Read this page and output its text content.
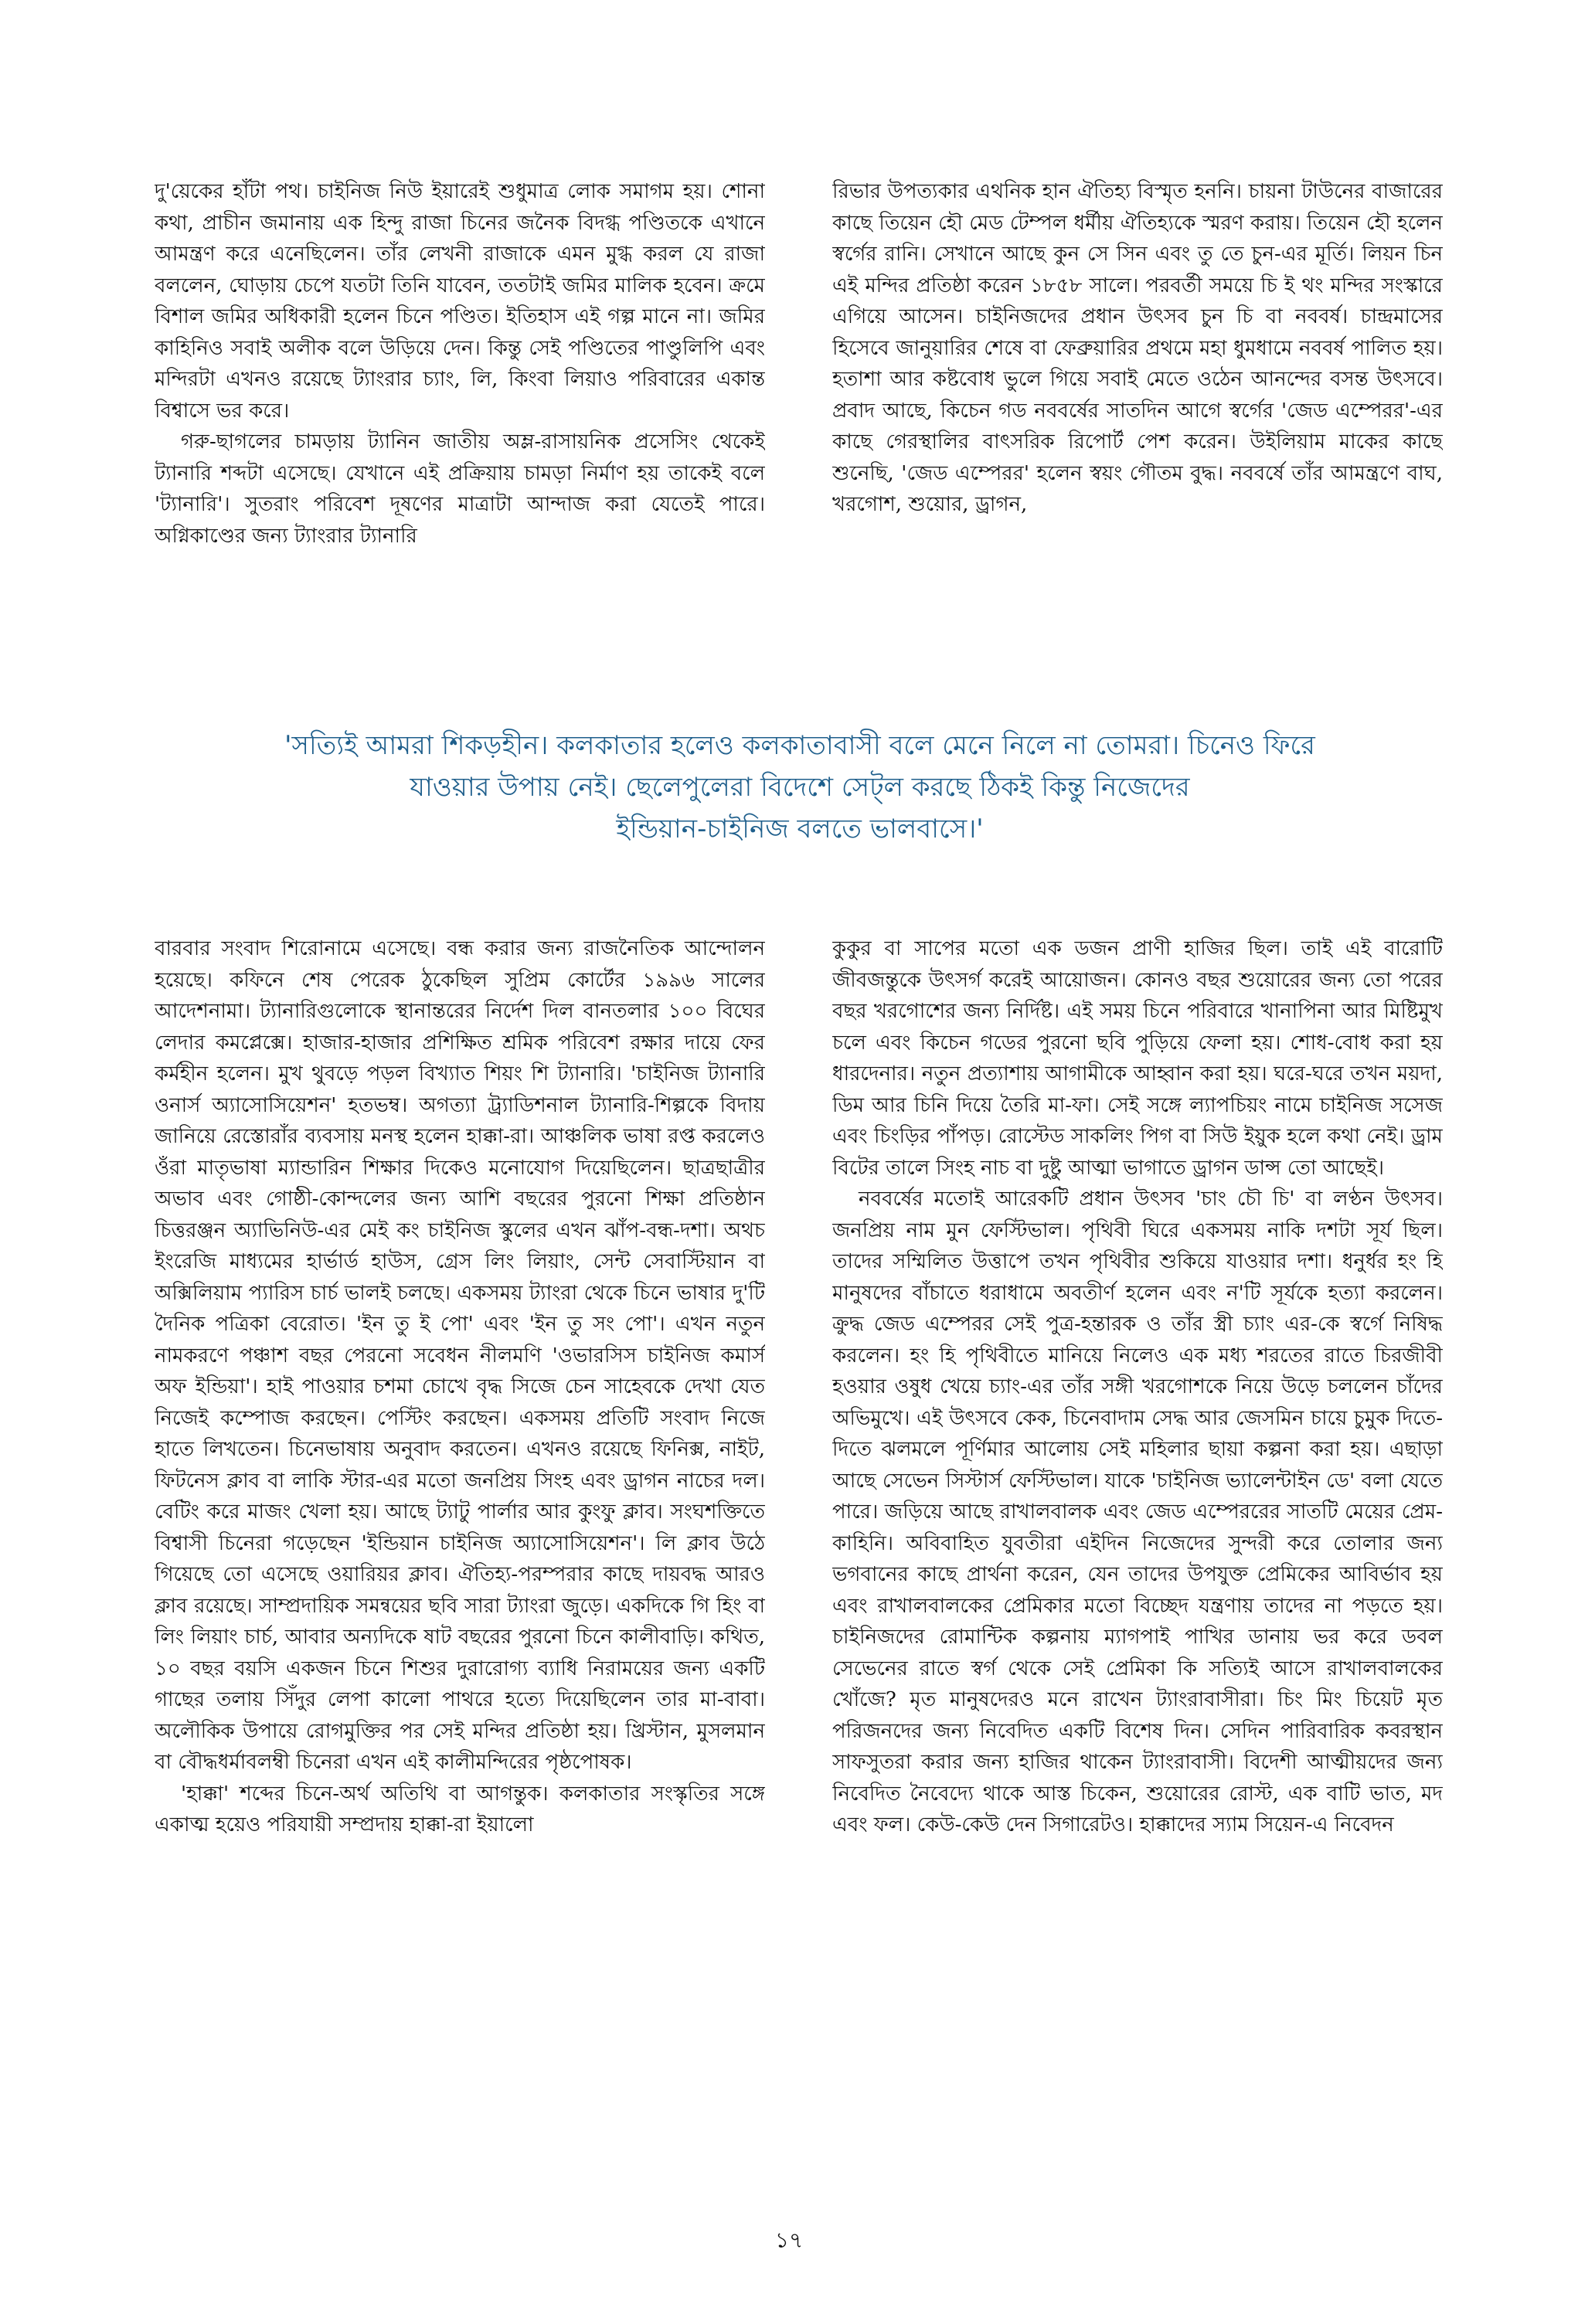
দু'য়েকের হাঁটা পথ। চাইনিজ নিউ ইয়ারেই শুধুমাত্র লোক সমাগম হয়। শোনা কথা, প্রাচীন জমানায় এক হিন্দু রাজা চিনের জনৈক বিদগ্ধ পণ্ডিতকে এখানে আমন্ত্রণ করে এনেছিলেন। তাঁর লেখনী রাজাকে এমন মুগ্ধ করল যে রাজা বললেন, ঘোড়ায় চেপে যতটা তিনি যাবেন, ততটাই জমির মালিক হবেন। ক্রমে বিশাল জমির অধিকারী হলেন চিনে পণ্ডিত। ইতিহাস এই গল্প মানে না। জমির কাহিনিও সবাই অলীক বলে উড়িয়ে দেন। কিন্তু সেই পণ্ডিতের পাণ্ডুলিপি এবং মন্দিরটা এখনও রয়েছে ট্যাংরার চ্যাং, লি, কিংবা লিয়াও পরিবারের একান্ত বিশ্বাসে ভর করে।

গরু-ছাগলের চামড়ায় ট্যানিন জাতীয় অম্ল-রাসায়নিক প্রসেসিং থেকেই ট্যানারি শব্দটা এসেছে। যেখানে এই প্রক্রিয়ায় চামড়া নির্মাণ হয় তাকেই বলে 'ট্যানারি'। সুতরাং পরিবেশ দূষণের মাত্রাটা আন্দাজ করা যেতেই পারে। অগ্নিকাণ্ডের জন্য ট্যাংরার ট্যানারি

রিভার উপত্যকার এথনিক হান ঐতিহ্য বিস্মৃত হননি। চায়না টাউনের বাজারের কাছে তিয়েন হৌ মেড টেম্পল ধর্মীয় ঐতিহ্যকে স্মরণ করায়। তিয়েন হৌ হলেন স্বর্গের রানি। সেখানে আছে কুন সে সিন এবং তু তে চুন-এর মূর্তি। লিয়ন চিন এই মন্দির প্রতিষ্ঠা করেন ১৮৫৮ সালে। পরবর্তী সময়ে চি ই থং মন্দির সংস্কারে এগিয়ে আসেন। চাইনিজদের প্রধান উৎসব চুন চি বা নববর্ষ। চান্দ্রমাসের হিসেবে জানুয়ারির শেষে বা ফেব্রুয়ারির প্রথমে মহা ধুমধামে নববর্ষ পালিত হয়। হতাশা আর কষ্টবোধ ভুলে গিয়ে সবাই মেতে ওঠেন আনন্দের বসন্ত উৎসবে। প্রবাদ আছে, কিচেন গড নববর্ষের সাতদিন আগে স্বর্গের 'জেড এম্পেরর'-এর কাছে গেরস্থালির বাৎসরিক রিপোর্ট পেশ করেন। উইলিয়াম মাকের কাছে শুনেছি, 'জেড এম্পেরর' হলেন স্বয়ং গৌতম বুদ্ধ। নববর্ষে তাঁর আমন্ত্রণে বাঘ, খরগোশ, শুয়োর, ড্রাগন,

'সত্যিই আমরা শিকড়হীন। কলকাতার হলেও কলকাতাবাসী বলে মেনে নিলে না তোমরা। চিনেও ফিরে
যাওয়ার উপায় নেই। ছেলেপুলেরা বিদেশে সেট্‌ল করছে ঠিকই কিন্তু নিজেদের
ইন্ডিয়ান-চাইনিজ বলতে ভালবাসে।'

বারবার সংবাদ শিরোনামে এসেছে। বন্ধ করার জন্য রাজনৈতিক আন্দোলন হয়েছে। কফিনে শেষ পেরেক ঠুকেছিল সুপ্রিম কোর্টের ১৯৯৬ সালের আদেশনামা। ট্যানারিগুলোকে স্থানান্তরের নির্দেশ দিল বানতলার ১০০ বিঘের লেদার কমপ্লেক্সে। হাজার-হাজার প্রশিক্ষিত শ্রমিক পরিবেশ রক্ষার দায়ে ফের কর্মহীন হলেন। মুখ থুবড়ে পড়ল বিখ্যাত শিয়ং শি ট্যানারি। 'চাইনিজ ট্যানারি ওনার্স অ্যাসোসিয়েশন' হতভম্ব। অগত্যা ট্র্যাডিশনাল ট্যানারি-শিল্পকে বিদায় জানিয়ে রেস্তোরাঁর ব্যবসায় মনস্থ হলেন হাক্কা-রা। আঞ্চলিক ভাষা রপ্ত করলেও ওঁরা মাতৃভাষা ম্যান্ডারিন শিক্ষার দিকেও মনোযোগ দিয়েছিলেন। ছাত্রছাত্রীর অভাব এবং গোষ্ঠী-কোন্দলের জন্য আশি বছরের পুরনো শিক্ষা প্রতিষ্ঠান চিত্তরঞ্জন অ্যাভিনিউ-এর মেই কং চাইনিজ স্কুলের এখন ঝাঁপ-বন্ধ-দশা। অথচ ইংরেজি মাধ্যমের হার্ভার্ড হাউস, গ্রেস লিং লিয়াং, সেন্ট সেবাস্টিয়ান বা অক্সিলিয়াম প্যারিস চার্চ ভালই চলছে। একসময় ট্যাংরা থেকে চিনে ভাষার দু'টি দৈনিক পত্রিকা বেরোত। 'ইন তু ই পো' এবং 'ইন তু সং পো'। এখন নতুন নামকরণে পঞ্চাশ বছর পেরনো সবেধন নীলমণি 'ওভারসিস চাইনিজ কমার্স অফ ইন্ডিয়া'। হাই পাওয়ার চশমা চোখে বৃদ্ধ সিজে চেন সাহেবকে দেখা যেত নিজেই কম্পোজ করছেন। পেস্টিং করছেন। একসময় প্রতিটি সংবাদ নিজে হাতে লিখতেন। চিনেভাষায় অনুবাদ করতেন। এখনও রয়েছে ফিনিক্স, নাইট, ফিটনেস ক্লাব বা লাকি স্টার-এর মতো জনপ্রিয় সিংহ এবং ড্রাগন নাচের দল। বেটিং করে মাজং খেলা হয়। আছে ট্যাটু পার্লার আর কুংফু ক্লাব। সংঘশক্তিতে বিশ্বাসী চিনেরা গড়েছেন 'ইন্ডিয়ান চাইনিজ অ্যাসোসিয়েশন'। লি ক্লাব উঠে গিয়েছে তো এসেছে ওয়ারিয়র ক্লাব। ঐতিহ্য-পরম্পরার কাছে দায়বদ্ধ আরও ক্লাব রয়েছে। সাম্প্রদায়িক সমন্বয়ের ছবি সারা ট্যাংরা জুড়ে। একদিকে গি হিং বা লিং লিয়াং চার্চ, আবার অন্যদিকে ষাট বছরের পুরনো চিনে কালীবাড়ি। কথিত, ১০ বছর বয়সি একজন চিনে শিশুর দুরারোগ্য ব্যাধি নিরাময়ের জন্য একটি গাছের তলায় সিঁদুর লেপা কালো পাথরে হত্যে দিয়েছিলেন তার মা-বাবা। অলৌকিক উপায়ে রোগমুক্তির পর সেই মন্দির প্রতিষ্ঠা হয়। খ্রিস্টান, মুসলমান বা বৌদ্ধধর্মাবলম্বী চিনেরা এখন এই কালীমন্দিরের পৃষ্ঠপোষক।

'হাক্কা' শব্দের চিনে-অর্থ অতিথি বা আগন্তুক। কলকাতার সংস্কৃতির সঙ্গে একাত্ম হয়েও পরিযায়ী সম্প্রদায় হাক্কা-রা ইয়ালো

কুকুর বা সাপের মতো এক ডজন প্রাণী হাজির ছিল। তাই এই বারোটি জীবজন্তুকে উৎসর্গ করেই আয়োজন। কোনও বছর শুয়োরের জন্য তো পরের বছর খরগোশের জন্য নির্দিষ্ট। এই সময় চিনে পরিবারে খানাপিনা আর মিষ্টিমুখ চলে এবং কিচেন গডের পুরনো ছবি পুড়িয়ে ফেলা হয়। শোধ-বোধ করা হয় ধারদেনার। নতুন প্রত্যাশায় আগামীকে আহ্বান করা হয়। ঘরে-ঘরে তখন ময়দা, ডিম আর চিনি দিয়ে তৈরি মা-ফা। সেই সঙ্গে ল্যাপচিয়ং নামে চাইনিজ সসেজ এবং চিংড়ির পাঁপড়। রোস্টেড সাকলিং পিগ বা সিউ ইয়ুক হলে কথা নেই। ড্রাম বিটের তালে সিংহ নাচ বা দুষ্টু আত্মা ভাগাতে ড্রাগন ডান্স তো আছেই।

নববর্ষের মতোই আরেকটি প্রধান উৎসব 'চাং চৌ চি' বা লণ্ঠন উৎসব। জনপ্রিয় নাম মুন ফেস্টিভাল। পৃথিবী ঘিরে একসময় নাকি দশটা সূর্য ছিল। তাদের সম্মিলিত উত্তাপে তখন পৃথিবীর শুকিয়ে যাওয়ার দশা। ধনুর্ধর হং হি মানুষদের বাঁচাতে ধরাধামে অবতীর্ণ হলেন এবং ন'টি সূর্যকে হত্যা করলেন। ক্রুদ্ধ জেড এম্পেরর সেই পুত্র-হন্তারক ও তাঁর স্ত্রী চ্যাং এর-কে স্বর্গে নিষিদ্ধ করলেন। হং হি পৃথিবীতে মানিয়ে নিলেও এক মধ্য শরতের রাতে চিরজীবী হওয়ার ওষুধ খেয়ে চ্যাং-এর তাঁর সঙ্গী খরগোশকে নিয়ে উড়ে চললেন চাঁদের অভিমুখে। এই উৎসবে কেক, চিনেবাদাম সেদ্ধ আর জেসমিন চায়ে চুমুক দিতে-দিতে ঝলমলে পূর্ণিমার আলোয় সেই মহিলার ছায়া কল্পনা করা হয়। এছাড়া আছে সেভেন সিস্টার্স ফেস্টিভাল। যাকে 'চাইনিজ ভ্যালেন্টাইন ডে' বলা যেতে পারে। জড়িয়ে আছে রাখালবালক এবং জেড এম্পেররের সাতটি মেয়ের প্রেম-কাহিনি। অবিবাহিত যুবতীরা এইদিন নিজেদের সুন্দরী করে তোলার জন্য ভগবানের কাছে প্রার্থনা করেন, যেন তাদের উপযুক্ত প্রেমিকের আবির্ভাব হয় এবং রাখালবালকের প্রেমিকার মতো বিচ্ছেদ যন্ত্রণায় তাদের না পড়তে হয়। চাইনিজদের রোমান্টিক কল্পনায় ম্যাগপাই পাখির ডানায় ভর করে ডবল সেভেনের রাতে স্বর্গ থেকে সেই প্রেমিকা কি সত্যিই আসে রাখালবালকের খোঁজে? মৃত মানুষদেরও মনে রাখেন ট্যাংরাবাসীরা। চিং মিং চিয়েট মৃত পরিজনদের জন্য নিবেদিত একটি বিশেষ দিন। সেদিন পারিবারিক কবরস্থান সাফসুতরা করার জন্য হাজির থাকেন ট্যাংরাবাসী। বিদেশী আত্মীয়দের জন্য নিবেদিত নৈবেদ্যে থাকে আস্ত চিকেন, শুয়োরের রোস্ট, এক বাটি ভাত, মদ এবং ফল। কেউ-কেউ দেন সিগারেটও। হাক্কাদের স্যাম সিয়েন-এ নিবেদন

১৭
